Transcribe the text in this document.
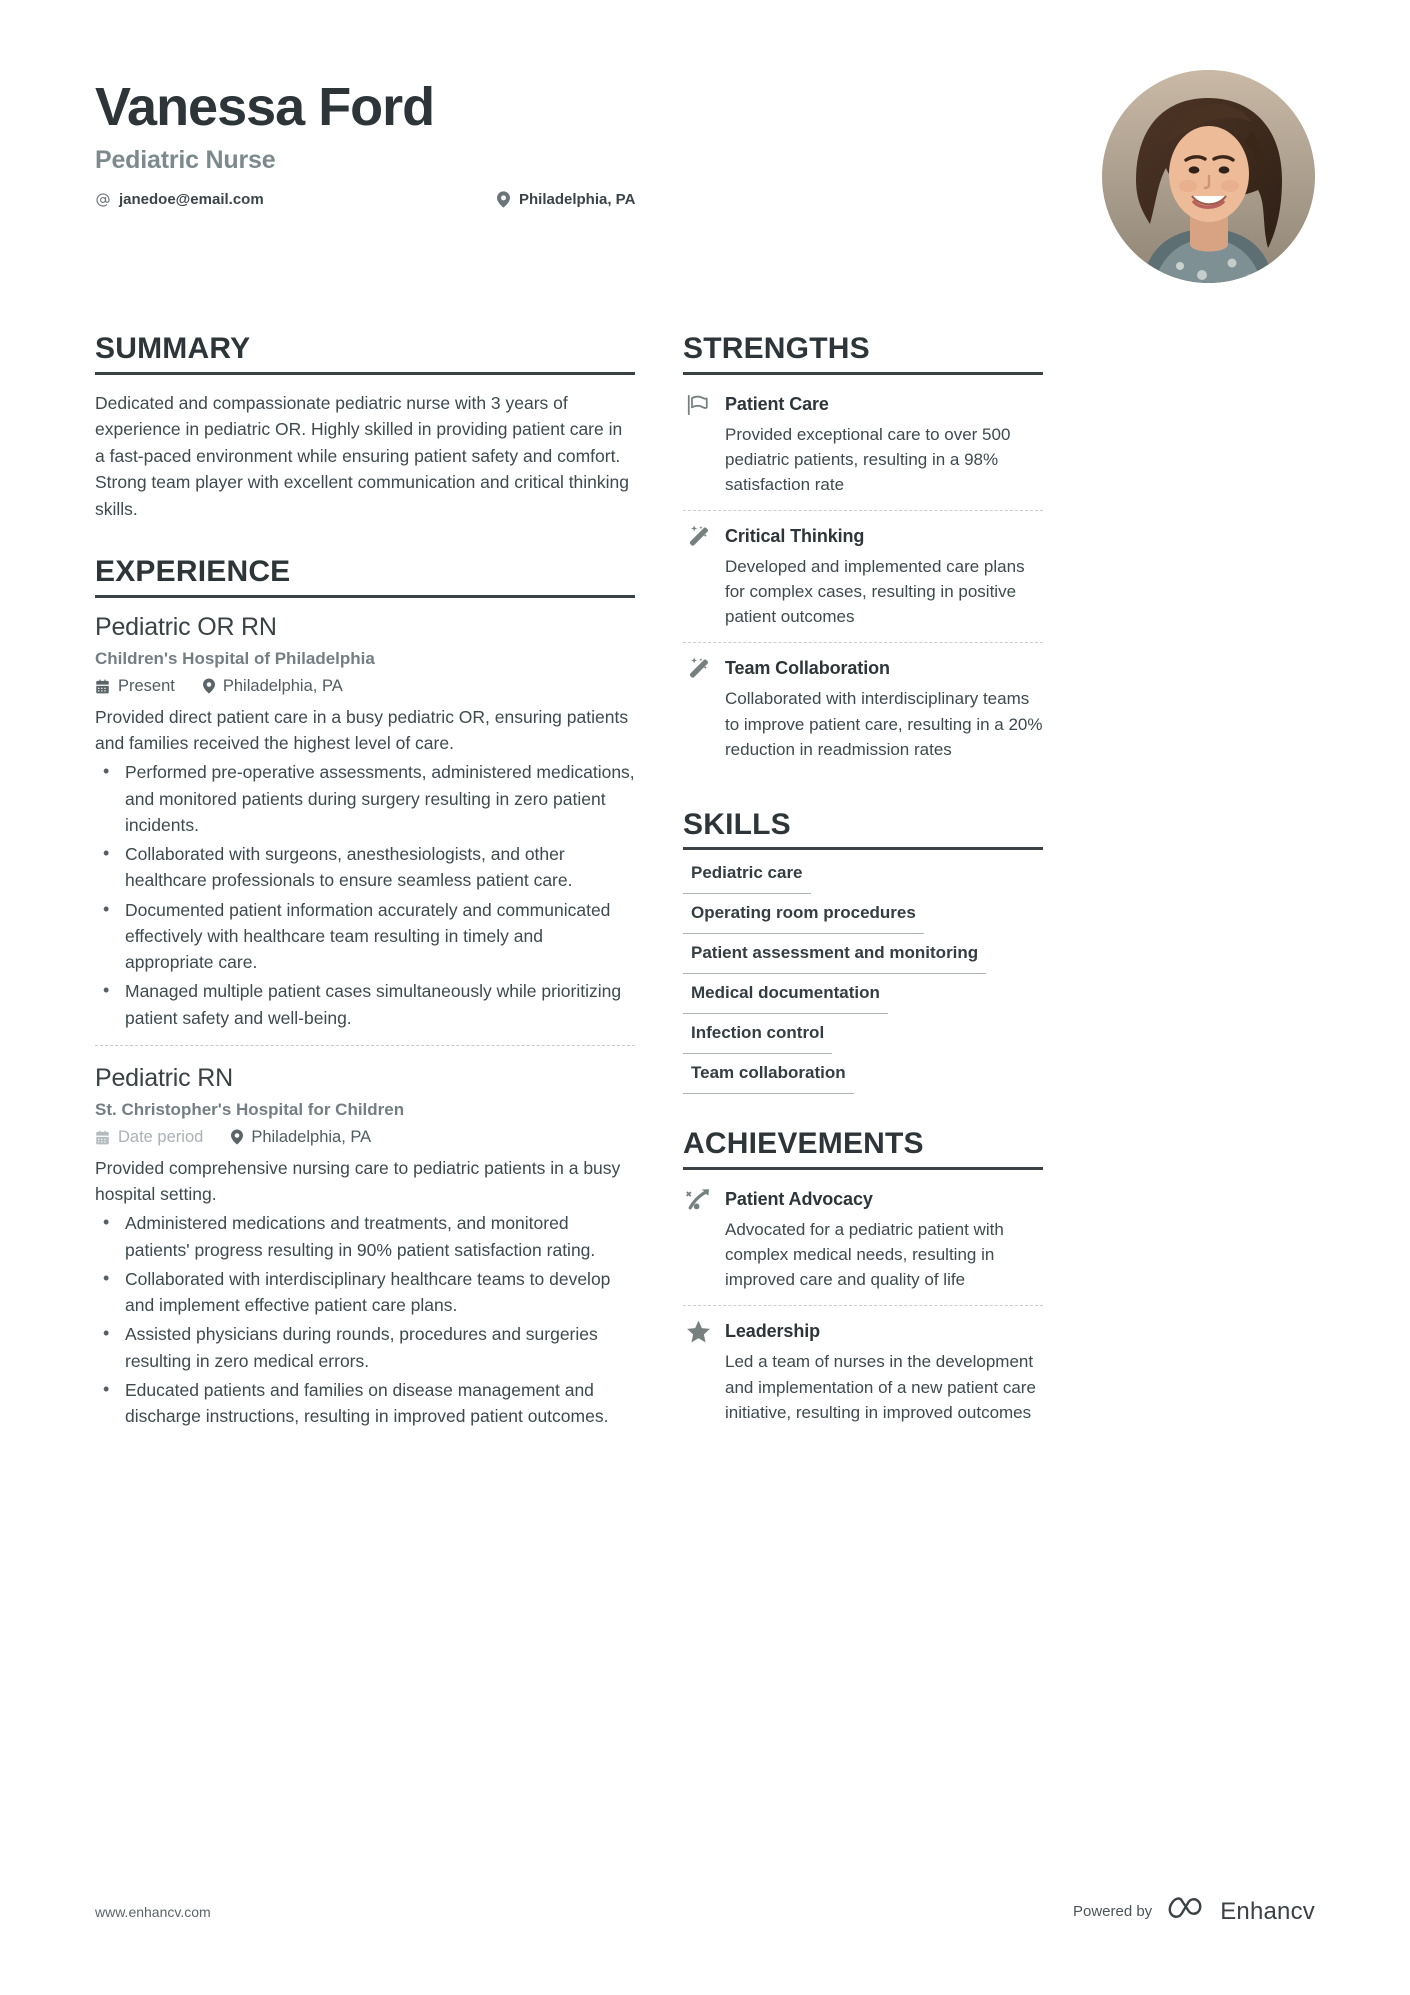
Vanessa Ford
Pediatric Nurse
janedoe@email.com	Philadelphia, PA
SUMMARY
Dedicated and compassionate pediatric nurse with 3 years of experience in pediatric OR. Highly skilled in providing patient care in a fast-paced environment while ensuring patient safety and comfort. Strong team player with excellent communication and critical thinking skills.
EXPERIENCE
Pediatric OR RN
Children's Hospital of Philadelphia
Present	Philadelphia, PA
Provided direct patient care in a busy pediatric OR, ensuring patients and families received the highest level of care.
• Performed pre-operative assessments, administered medications, and monitored patients during surgery resulting in zero patient incidents.
• Collaborated with surgeons, anesthesiologists, and other healthcare professionals to ensure seamless patient care.
• Documented patient information accurately and communicated effectively with healthcare team resulting in timely and appropriate care.
• Managed multiple patient cases simultaneously while prioritizing patient safety and well-being.
Pediatric RN
St. Christopher's Hospital for Children
Date period	Philadelphia, PA
Provided comprehensive nursing care to pediatric patients in a busy hospital setting.
• Administered medications and treatments, and monitored patients' progress resulting in 90% patient satisfaction rating.
• Collaborated with interdisciplinary healthcare teams to develop and implement effective patient care plans.
• Assisted physicians during rounds, procedures and surgeries resulting in zero medical errors.
• Educated patients and families on disease management and discharge instructions, resulting in improved patient outcomes.
STRENGTHS
Patient Care
Provided exceptional care to over 500 pediatric patients, resulting in a 98% satisfaction rate
Critical Thinking
Developed and implemented care plans for complex cases, resulting in positive patient outcomes
Team Collaboration
Collaborated with interdisciplinary teams to improve patient care, resulting in a 20% reduction in readmission rates
SKILLS
Pediatric care
Operating room procedures
Patient assessment and monitoring
Medical documentation
Infection control
Team collaboration
ACHIEVEMENTS
Patient Advocacy
Advocated for a pediatric patient with complex medical needs, resulting in improved care and quality of life
Leadership
Led a team of nurses in the development and implementation of a new patient care initiative, resulting in improved outcomes
www.enhancv.com	Powered by	Enhancv
